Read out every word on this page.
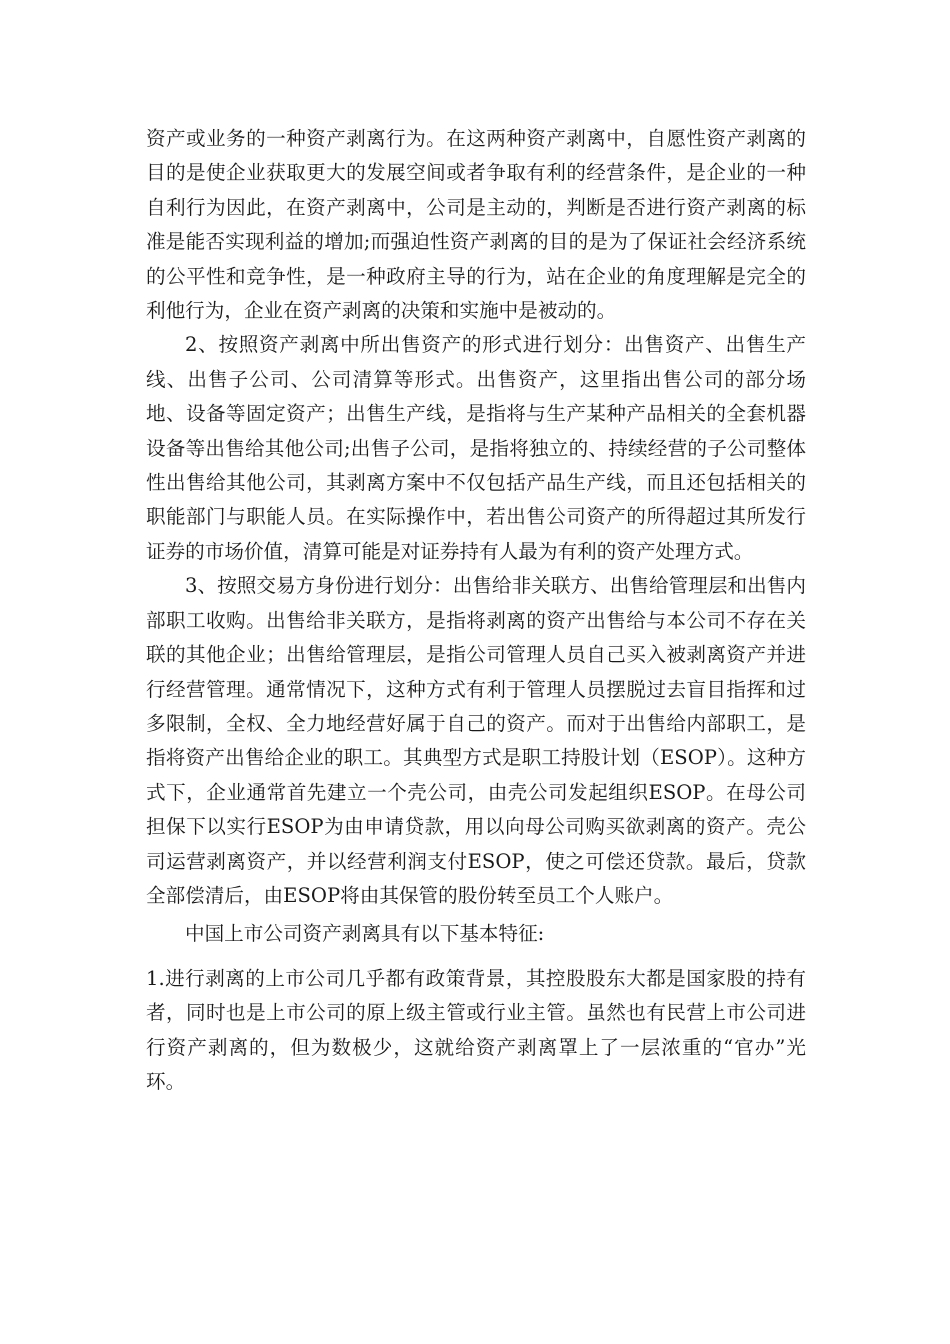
资产或业务的一种资产剥离行为。在这两种资产剥离中，自愿性资产剥离的目的是使企业获取更大的发展空间或者争取有利的经营条件，是企业的一种自利行为因此，在资产剥离中，公司是主动的，判断是否进行资产剥离的标准是能否实现利益的增加;而强迫性资产剥离的目的是为了保证社会经济系统的公平性和竞争性，是一种政府主导的行为，站在企业的角度理解是完全的利他行为，企业在资产剥离的决策和实施中是被动的。

2、按照资产剥离中所出售资产的形式进行划分：出售资产、出售生产线、出售子公司、公司清算等形式。出售资产，这里指出售公司的部分场地、设备等固定资产；出售生产线，是指将与生产某种产品相关的全套机器设备等出售给其他公司;出售子公司，是指将独立的、持续经营的子公司整体性出售给其他公司，其剥离方案中不仅包括产品生产线，而且还包括相关的职能部门与职能人员。在实际操作中，若出售公司资产的所得超过其所发行证券的市场价值，清算可能是对证券持有人最为有利的资产处理方式。

3、按照交易方身份进行划分：出售给非关联方、出售给管理层和出售内部职工收购。出售给非关联方，是指将剥离的资产出售给与本公司不存在关联的其他企业；出售给管理层，是指公司管理人员自己买入被剥离资产并进行经营管理。通常情况下，这种方式有利于管理人员摆脱过去盲目指挥和过多限制，全权、全力地经营好属于自己的资产。而对于出售给内部职工，是指将资产出售给企业的职工。其典型方式是职工持股计划（ESOP）。这种方式下，企业通常首先建立一个壳公司，由壳公司发起组织ESOP。在母公司担保下以实行ESOP为由申请贷款，用以向母公司购买欲剥离的资产。壳公司运营剥离资产，并以经营利润支付ESOP，使之可偿还贷款。最后，贷款全部偿清后，由ESOP将由其保管的股份转至员工个人账户。

中国上市公司资产剥离具有以下基本特征:

1.进行剥离的上市公司几乎都有政策背景，其控股股东大都是国家股的持有者，同时也是上市公司的原上级主管或行业主管。虽然也有民营上市公司进行资产剥离的，但为数极少，这就给资产剥离罩上了一层浓重的“官办”光环。
